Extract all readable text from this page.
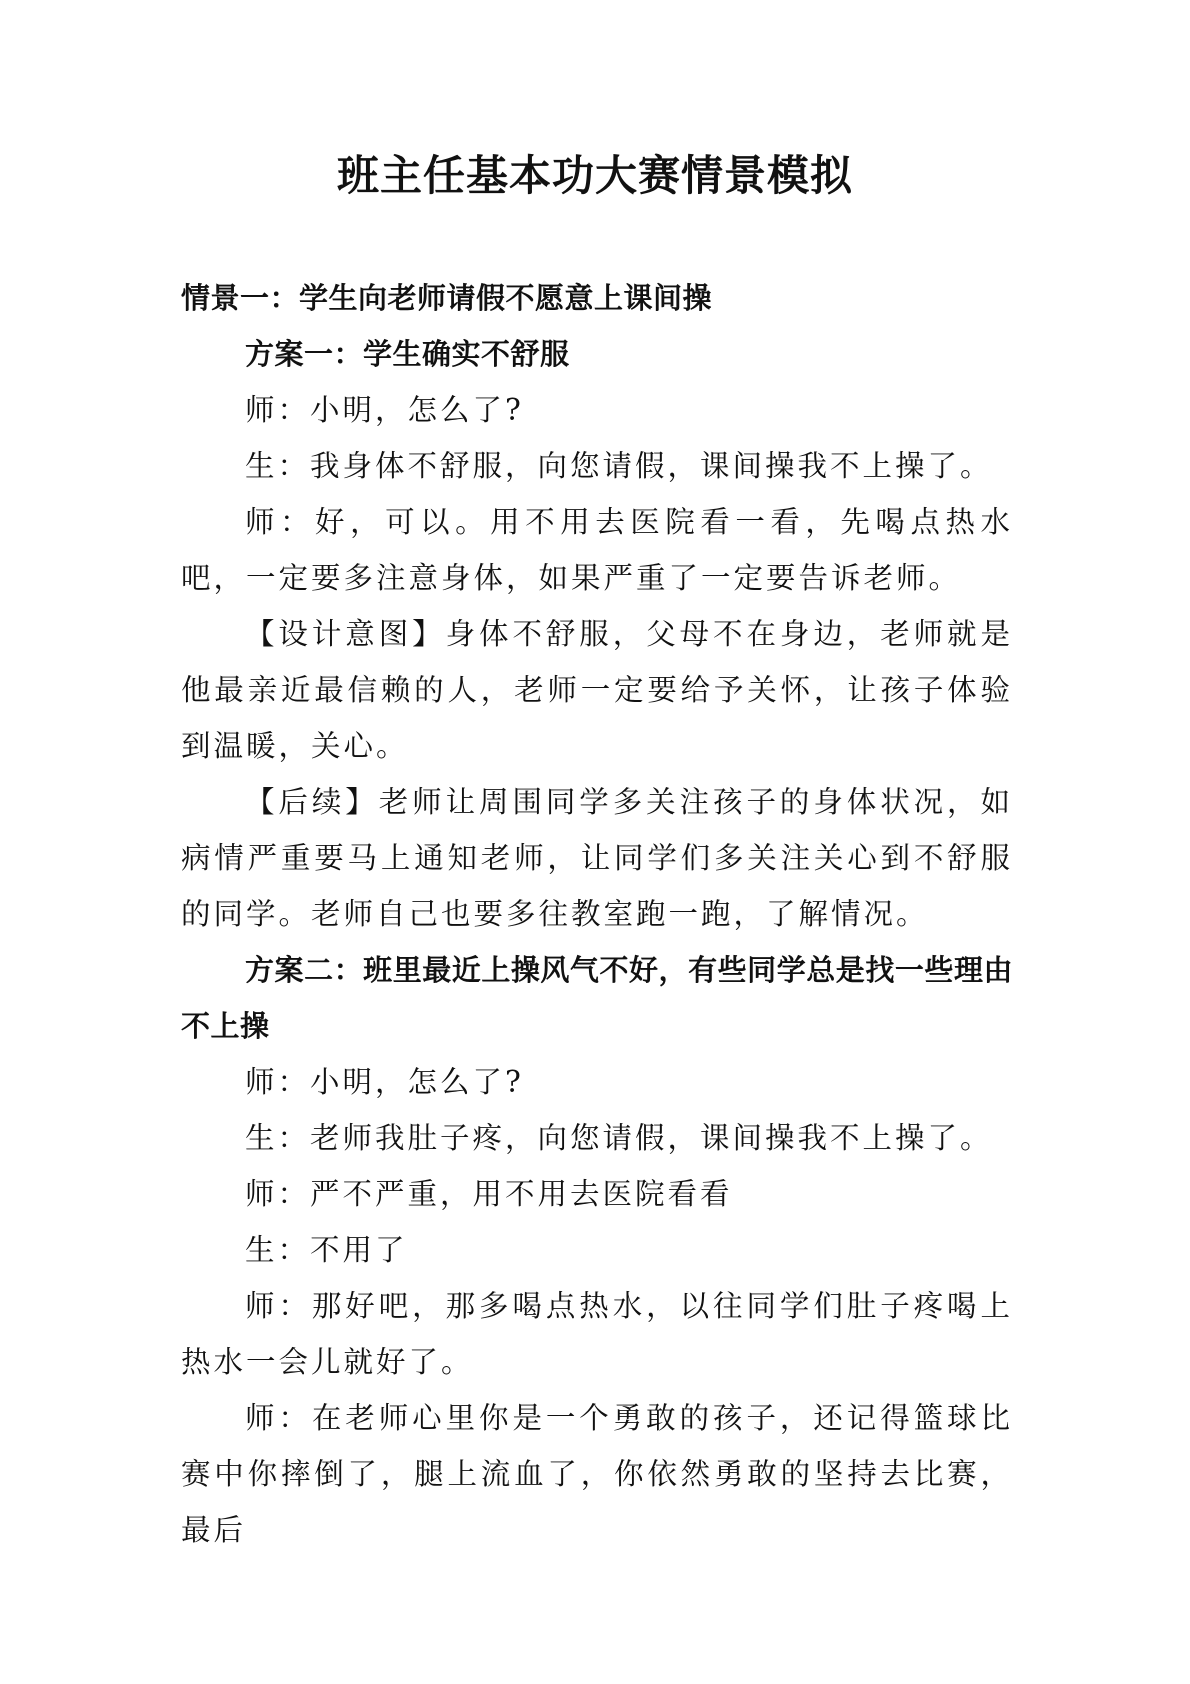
班主任基本功大赛情景模拟

情景一：学生向老师请假不愿意上课间操

方案一：学生确实不舒服

师：小明，怎么了?

生：我身体不舒服，向您请假，课间操我不上操了。

师：好，可以。用不用去医院看一看，先喝点热水吧，一定要多注意身体，如果严重了一定要告诉老师。

【设计意图】身体不舒服，父母不在身边，老师就是他最亲近最信赖的人，老师一定要给予关怀，让孩子体验到温暖，关心。

【后续】老师让周围同学多关注孩子的身体状况，如病情严重要马上通知老师，让同学们多关注关心到不舒服的同学。老师自己也要多往教室跑一跑，了解情况。

方案二：班里最近上操风气不好，有些同学总是找一些理由不上操

师：小明，怎么了?

生：老师我肚子疼，向您请假，课间操我不上操了。

师：严不严重，用不用去医院看看

生：不用了

师：那好吧，那多喝点热水，以往同学们肚子疼喝上热水一会儿就好了。

师：在老师心里你是一个勇敢的孩子，还记得篮球比赛中你摔倒了，腿上流血了，你依然勇敢的坚持去比赛，最后
